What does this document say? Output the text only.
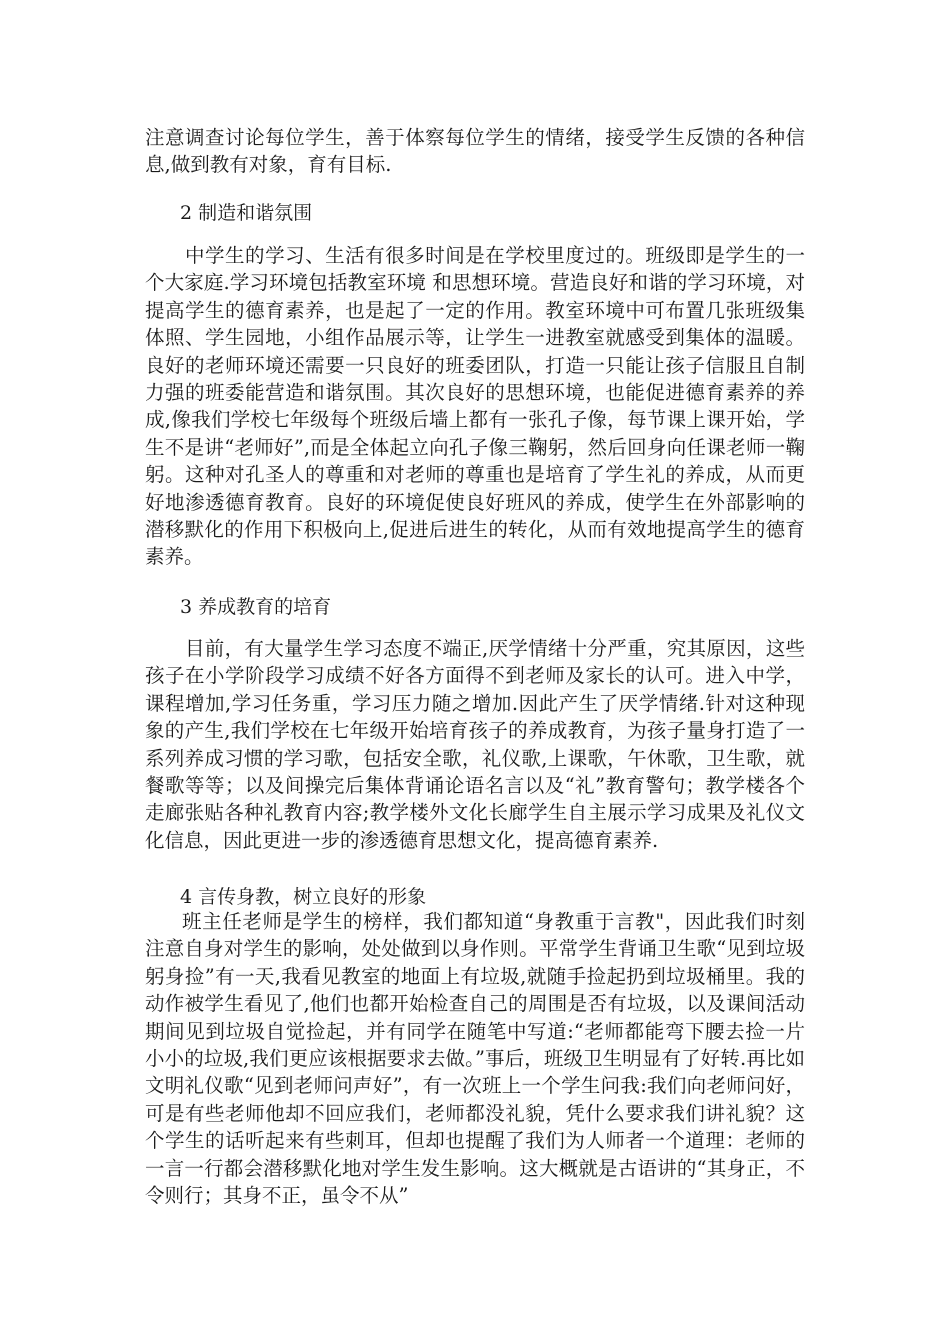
注意调查讨论每位学生，善于体察每位学生的情绪，接受学生反馈的各种信息,做到教有对象，育有目标.

2 制造和谐氛围

中学生的学习、生活有很多时间是在学校里度过的。班级即是学生的一个大家庭.学习环境包括教室环境 和思想环境。营造良好和谐的学习环境，对提高学生的德育素养，也是起了一定的作用。教室环境中可布置几张班级集体照、学生园地，小组作品展示等，让学生一进教室就感受到集体的温暖。良好的老师环境还需要一只良好的班委团队，打造一只能让孩子信服且自制力强的班委能营造和谐氛围。其次良好的思想环境，也能促进德育素养的养成,像我们学校七年级每个班级后墙上都有一张孔子像，每节课上课开始，学生不是讲“老师好”,而是全体起立向孔子像三鞠躬，然后回身向任课老师一鞠躬。这种对孔圣人的尊重和对老师的尊重也是培育了学生礼的养成，从而更好地渗透德育教育。良好的环境促使良好班风的养成，使学生在外部影响的潜移默化的作用下积极向上,促进后进生的转化，从而有效地提高学生的德育素养。

3 养成教育的培育

目前，有大量学生学习态度不端正,厌学情绪十分严重，究其原因，这些孩子在小学阶段学习成绩不好各方面得不到老师及家长的认可。进入中学，课程增加,学习任务重，学习压力随之增加.因此产生了厌学情绪.针对这种现象的产生,我们学校在七年级开始培育孩子的养成教育，为孩子量身打造了一系列养成习惯的学习歌，包括安全歌，礼仪歌,上课歌，午休歌，卫生歌，就餐歌等等；以及间操完后集体背诵论语名言以及“礼”教育警句；教学楼各个走廊张贴各种礼教育内容;教学楼外文化长廊学生自主展示学习成果及礼仪文化信息，因此更进一步的渗透德育思想文化，提高德育素养.

4 言传身教，树立良好的形象

班主任老师是学生的榜样，我们都知道“身教重于言教"，因此我们时刻注意自身对学生的影响，处处做到以身作则。平常学生背诵卫生歌“见到垃圾躬身捡”有一天,我看见教室的地面上有垃圾,就随手捡起扔到垃圾桶里。我的动作被学生看见了,他们也都开始检查自己的周围是否有垃圾，以及课间活动期间见到垃圾自觉捡起，并有同学在随笔中写道:“老师都能弯下腰去捡一片小小的垃圾,我们更应该根据要求去做。”事后，班级卫生明显有了好转.再比如文明礼仪歌“见到老师问声好”，有一次班上一个学生问我:我们向老师问好，可是有些老师他却不回应我们，老师都没礼貌，凭什么要求我们讲礼貌？这个学生的话听起来有些刺耳，但却也提醒了我们为人师者一个道理：老师的一言一行都会潜移默化地对学生发生影响。这大概就是古语讲的“其身正，不令则行；其身不正，虽令不从”
